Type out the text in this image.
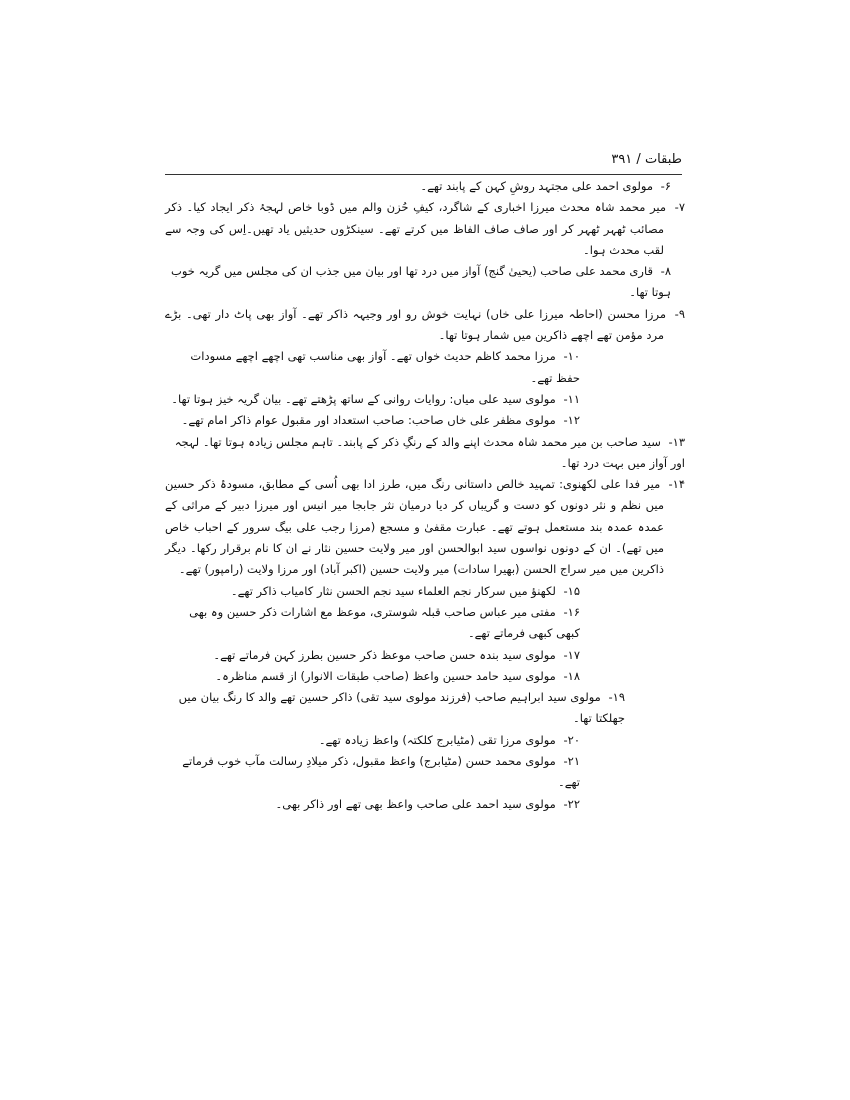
طبقات / ۳۹۱
۶- مولوی احمد علی مجتہد روشِ کہن کے پابند تھے۔
۷- میر محمد شاہ محدث میرزا اخباری کے شاگرد، کیفِ حُزن والم میں ڈوبا خاص لہجۂ ذکر ایجاد کیا۔ ذکر مصائب ٹھہر ٹھہر کر اور صاف صاف الفاظ میں کرتے تھے۔ سینکڑوں حدیثیں یاد تھیں۔اِس کی وجہ سے لقب محدث ہوا۔
۸- قاری محمد علی صاحب (یحییٰ گنج) آواز میں درد تھا اور بیان میں جذب ان کی مجلس میں گریہ خوب ہوتا تھا۔
۹- مرزا محسن (احاطہ میرزا علی خاں) نہایت خوش رو اور وجیہہ ذاکر تھے۔ آواز بھی پاٹ دار تھی۔ بڑے مرد مؤمن تھے اچھے ذاکرین میں شمار ہوتا تھا۔
۱۰- مرزا محمد کاظم حدیث خواں تھے۔ آواز بھی مناسب تھی اچھے اچھے مسودات حفظ تھے۔
۱۱- مولوی سید علی میاں: روایات روانی کے ساتھ پڑھتے تھے۔ بیان گریہ خیز ہوتا تھا۔
۱۲- مولوی مظفر علی خاں صاحب: صاحب استعداد اور مقبول عوام ذاکر امام تھے۔
۱۳- سید صاحب بن میر محمد شاہ محدث اپنے والد کے رنگِ ذکر کے پابند۔ تاہم مجلس زیادہ ہوتا تھا۔ لہجہ اور آواز میں بہت درد تھا۔
۱۴- میر فدا علی لکھنوی: تمہید خالص داستانی رنگ میں، طرز ادا بھی اُسی کے مطابق، مسودۂ ذکر حسین میں نظم و نثر دونوں کو دست و گریباں کر دیا درمیان نثر جابجا میر انیس اور میرزا دبیر کے مراثی کے عمدہ عمدہ بند مستعمل ہوتے تھے۔ عبارت مقفیٰ و مسجع (مرزا رجب علی بیگ سرور کے احباب خاص میں تھے)۔ ان کے دونوں نواسوں سید ابوالحسن اور میر ولایت حسین نثار نے ان کا نام برقرار رکھا۔ دیگر ذاکرین میں میر سراج الحسن (بھیرا سادات) میر ولایت حسین (اکبر آباد) اور مرزا ولایت (رامپور) تھے۔
۱۵- لکھنؤ میں سرکار نجم العلماء سید نجم الحسن نثار کامیاب ذاکر تھے۔
۱۶- مفتی میر عباس صاحب قبلہ شوستری، موعظ مع اشارات ذکر حسین وہ بھی کبھی کبھی فرماتے تھے۔
۱۷- مولوی سید بندہ حسن صاحب موعظ ذکر حسین بطرز کہن فرماتے تھے۔
۱۸- مولوی سید حامد حسین واعظ (صاحب طبقات الانوار) از قسم مناظرہ۔
۱۹- مولوی سید ابراہیم صاحب (فرزند مولوی سید تقی) ذاکر حسین تھے والد کا رنگ بیان میں جھلکتا تھا۔
۲۰- مولوی مرزا تقی (مٹیابرج کلکتہ) واعظ زیادہ تھے۔
۲۱- مولوی محمد حسن (مٹیابرج) واعظ مقبول، ذکر میلادِ رسالت مآب خوب فرماتے تھے۔
۲۲- مولوی سید احمد علی صاحب واعظ بھی تھے اور ذاکر بھی۔
